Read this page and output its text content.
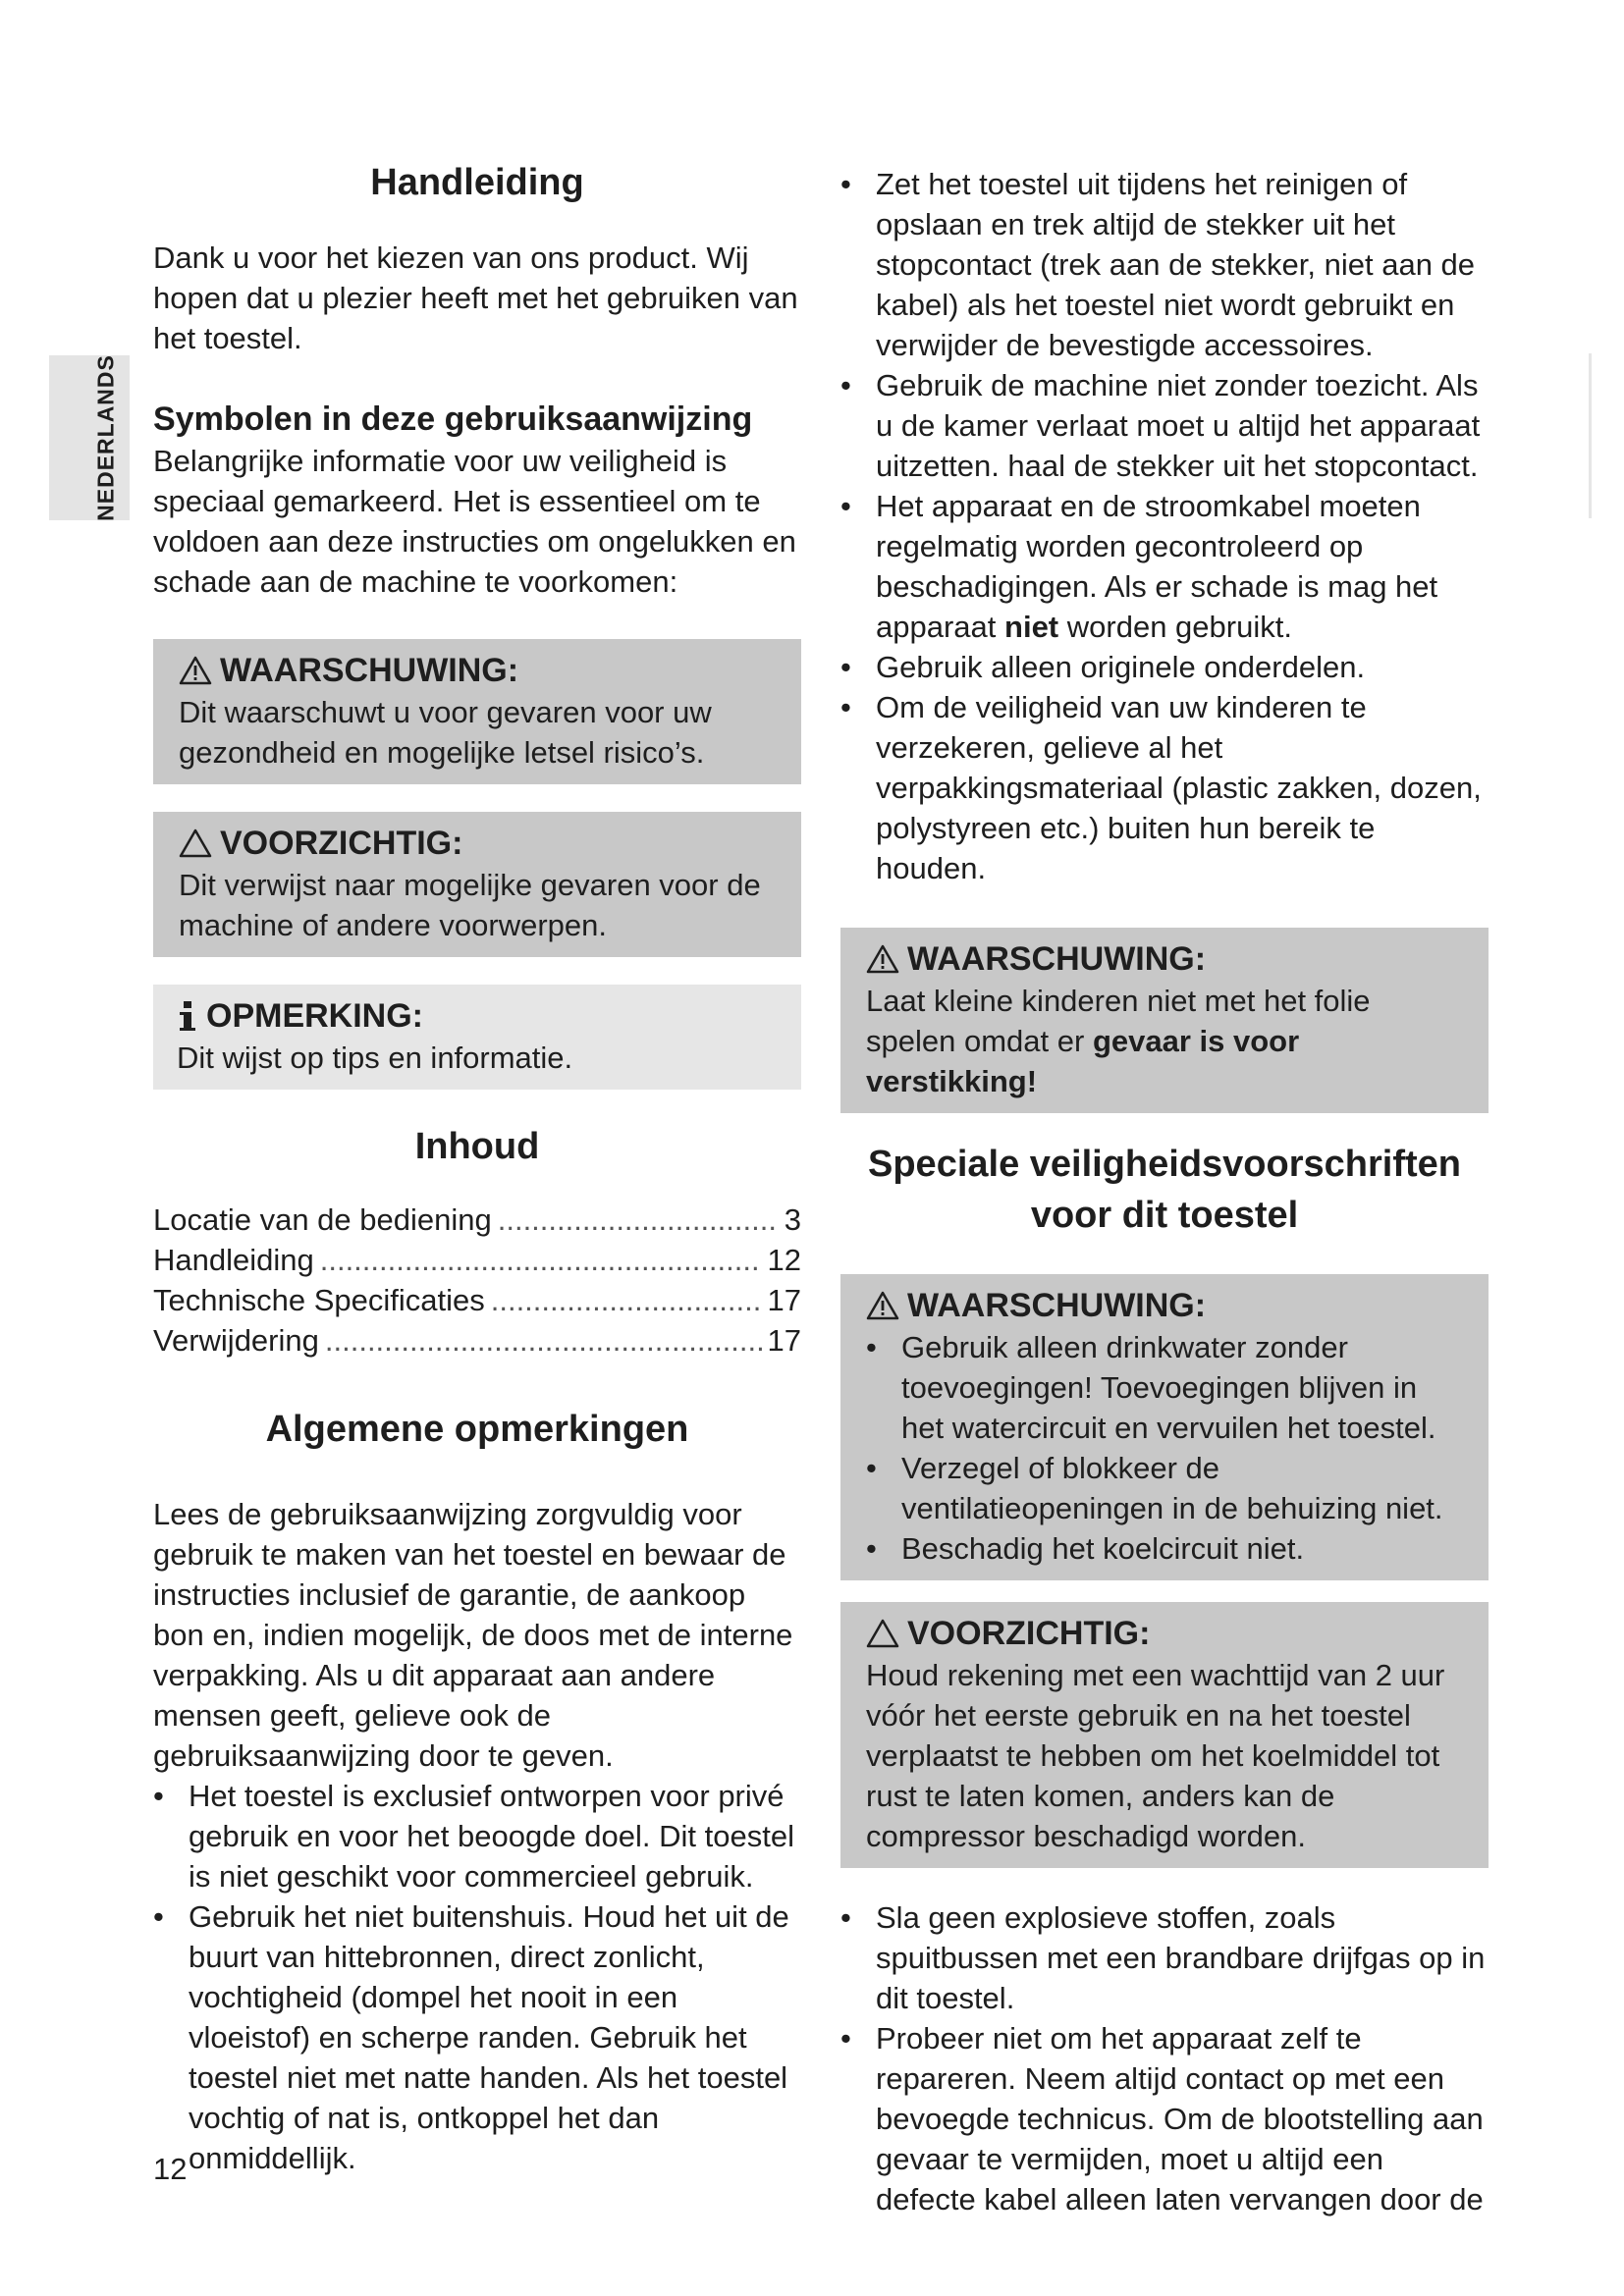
NEDERLANDS
Handleiding

Dank u voor het kiezen van ons product. Wij hopen dat u plezier heeft met het gebruiken van het toestel.

Symbolen in deze gebruiksaanwijzing

Belangrijke informatie voor uw veiligheid is speciaal gemarkeerd. Het is essentieel om te voldoen aan deze instructies om ongelukken en schade aan de machine te voorkomen:

WAARSCHUWING:

Dit waarschuwt u voor gevaren voor uw gezondheid en mogelijke letsel risico’s.

VOORZICHTIG:

Dit verwijst naar mogelijke gevaren voor de machine of andere voorwerpen.

OPMERKING:

Dit wijst op tips en informatie.

Inhoud
Locatie van de bediening .....	3
Handleiding .....	12
Technische Specificaties .....	17
Verwijdering .....	17
Algemene opmerkingen

Lees de gebruiksaanwijzing zorgvuldig voor gebruik te maken van het toestel en bewaar de instructies inclusief de garantie, de aankoop bon en, indien mogelijk, de doos met de interne verpakking. Als u dit apparaat aan andere mensen geeft, gelieve ook de gebruiksaanwijzing door te geven.

• Het toestel is exclusief ontworpen voor privé gebruik en voor het beoogde doel. Dit toestel is niet geschikt voor commercieel gebruik.
• Gebruik het niet buitenshuis. Houd het uit de buurt van hittebronnen, direct zonlicht, vochtigheid (dompel het nooit in een vloeistof) en scherpe randen. Gebruik het toestel niet met natte handen. Als het toestel vochtig of nat is, ontkoppel het dan onmiddellijk.
• Zet het toestel uit tijdens het reinigen of opslaan en trek altijd de stekker uit het stopcontact (trek aan de stekker, niet aan de kabel) als het toestel niet wordt gebruikt en verwijder de bevestigde accessoires.
• Gebruik de machine niet zonder toezicht. Als u de kamer verlaat moet u altijd het apparaat uitzetten. haal de stekker uit het stopcontact.
• Het apparaat en de stroomkabel moeten regelmatig worden gecontroleerd op beschadigingen. Als er schade is mag het apparaat niet worden gebruikt.
• Gebruik alleen originele onderdelen.
• Om de veiligheid van uw kinderen te verzekeren, gelieve al het verpakkingsmateriaal (plastic zakken, dozen, polystyreen etc.) buiten hun bereik te houden.
WAARSCHUWING:

Laat kleine kinderen niet met het folie spelen omdat er gevaar is voor verstikking!

Speciale veiligheidsvoorschriften
voor dit toestel
WAARSCHUWING:
• Gebruik alleen drinkwater zonder toevoegingen! Toevoegingen blijven in het watercircuit en vervuilen het toestel.
• Verzegel of blokkeer de ventilatieopeningen in de behuizing niet.
• Beschadig het koelcircuit niet.
VOORZICHTIG:

Houd rekening met een wachttijd van 2 uur vóór het eerste gebruik en na het toestel verplaatst te hebben om het koelmiddel tot rust te laten komen, anders kan de compressor beschadigd worden.

• Sla geen explosieve stoffen, zoals spuitbussen met een brandbare drijfgas op in dit toestel.
• Probeer niet om het apparaat zelf te repareren. Neem altijd contact op met een bevoegde technicus. Om de blootstelling aan gevaar te vermijden, moet u altijd een defecte kabel alleen laten vervangen door de
12
